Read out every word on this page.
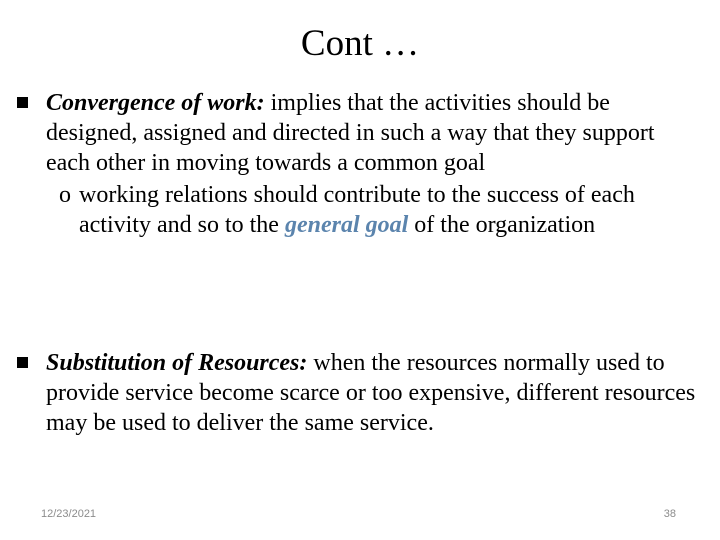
Cont …
Convergence of work: implies that the activities should be designed, assigned and directed in such a way that they support each other in moving towards a common goal
o working relations should contribute to the success of each activity and so to the general goal of the organization
Substitution of Resources: when the resources normally used to provide service become scarce or too expensive, different resources may be used to deliver the same service.
12/23/2021	38
